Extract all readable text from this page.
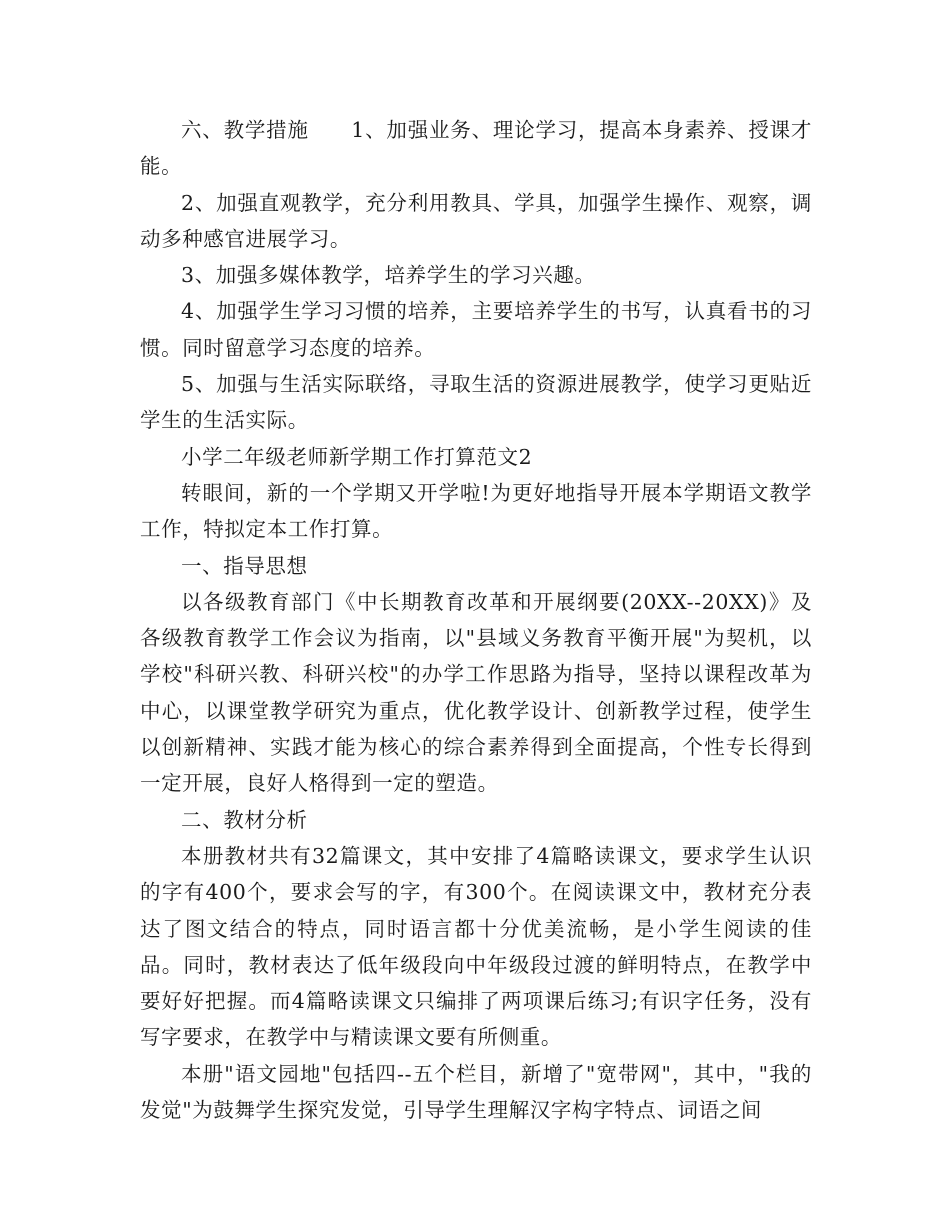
六、教学措施　　1、加强业务、理论学习，提高本身素养、授课才能。

2、加强直观教学，充分利用教具、学具，加强学生操作、观察，调动多种感官进展学习。

3、加强多媒体教学，培养学生的学习兴趣。

4、加强学生学习习惯的培养，主要培养学生的书写，认真看书的习惯。同时留意学习态度的培养。

5、加强与生活实际联络，寻取生活的资源进展教学，使学习更贴近学生的生活实际。

小学二年级老师新学期工作打算范文2

转眼间，新的一个学期又开学啦!为更好地指导开展本学期语文教学工作，特拟定本工作打算。

一、指导思想

以各级教育部门《中长期教育改革和开展纲要(20XX--20XX)》及各级教育教学工作会议为指南，以"县域义务教育平衡开展"为契机，以学校"科研兴教、科研兴校"的办学工作思路为指导，坚持以课程改革为中心，以课堂教学研究为重点，优化教学设计、创新教学过程，使学生以创新精神、实践才能为核心的综合素养得到全面提高，个性专长得到一定开展，良好人格得到一定的塑造。

二、教材分析

本册教材共有32篇课文，其中安排了4篇略读课文，要求学生认识的字有400个，要求会写的字，有300个。在阅读课文中，教材充分表达了图文结合的特点，同时语言都十分优美流畅，是小学生阅读的佳品。同时，教材表达了低年级段向中年级段过渡的鲜明特点，在教学中要好好把握。而4篇略读课文只编排了两项课后练习;有识字任务，没有写字要求，在教学中与精读课文要有所侧重。

本册"语文园地"包括四--五个栏目，新增了"宽带网"，其中，"我的发觉"为鼓舞学生探究发觉，引导学生理解汉字构字特点、词语之间
